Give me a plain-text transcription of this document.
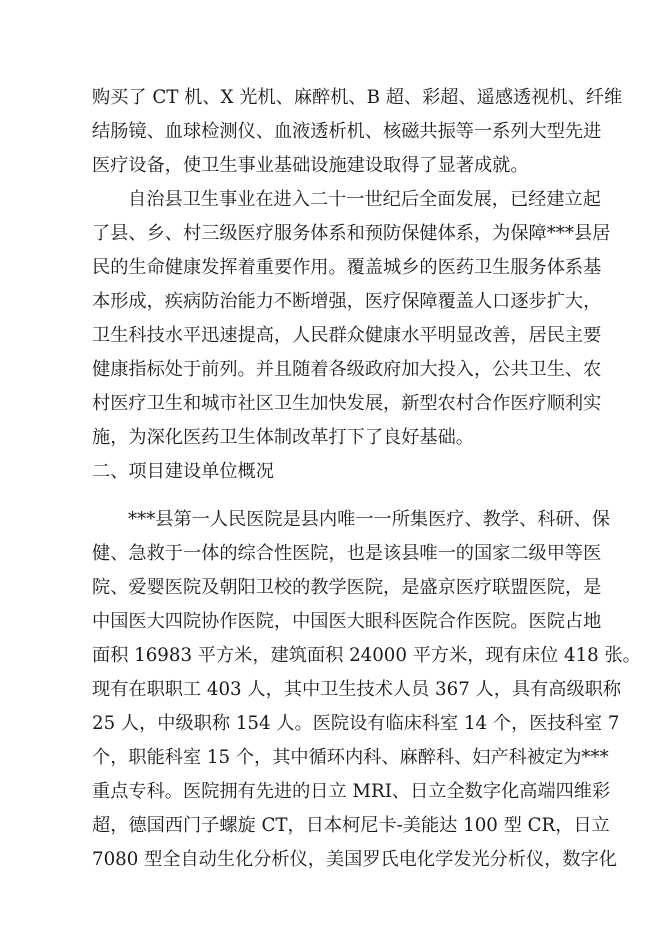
购买了 CT 机、X 光机、麻醉机、B 超、彩超、遥感透视机、纤维
结肠镜、血球检测仪、血液透析机、核磁共振等一系列大型先进
医疗设备，使卫生事业基础设施建设取得了显著成就。
自治县卫生事业在进入二十一世纪后全面发展，已经建立起
了县、乡、村三级医疗服务体系和预防保健体系，为保障***县居
民的生命健康发挥着重要作用。覆盖城乡的医药卫生服务体系基
本形成，疾病防治能力不断增强，医疗保障覆盖人口逐步扩大，
卫生科技水平迅速提高，人民群众健康水平明显改善，居民主要
健康指标处于前列。并且随着各级政府加大投入，公共卫生、农
村医疗卫生和城市社区卫生加快发展，新型农村合作医疗顺利实
施，为深化医药卫生体制改革打下了良好基础。
二、项目建设单位概况
***县第一人民医院是县内唯一一所集医疗、教学、科研、保
健、急救于一体的综合性医院，也是该县唯一的国家二级甲等医
院、爱婴医院及朝阳卫校的教学医院，是盛京医疗联盟医院，是
中国医大四院协作医院，中国医大眼科医院合作医院。医院占地
面积 16983 平方米，建筑面积 24000 平方米，现有床位 418 张。
现有在职职工 403 人，其中卫生技术人员 367 人，具有高级职称
25 人，中级职称 154 人。医院设有临床科室 14 个，医技科室 7
个，职能科室 15 个，其中循环内科、麻醉科、妇产科被定为***
重点专科。医院拥有先进的日立 MRI、日立全数字化高端四维彩
超，德国西门子螺旋 CT，日本柯尼卡-美能达 100 型 CR，日立
7080 型全自动生化分析仪，美国罗氏电化学发光分析仪，数字化
